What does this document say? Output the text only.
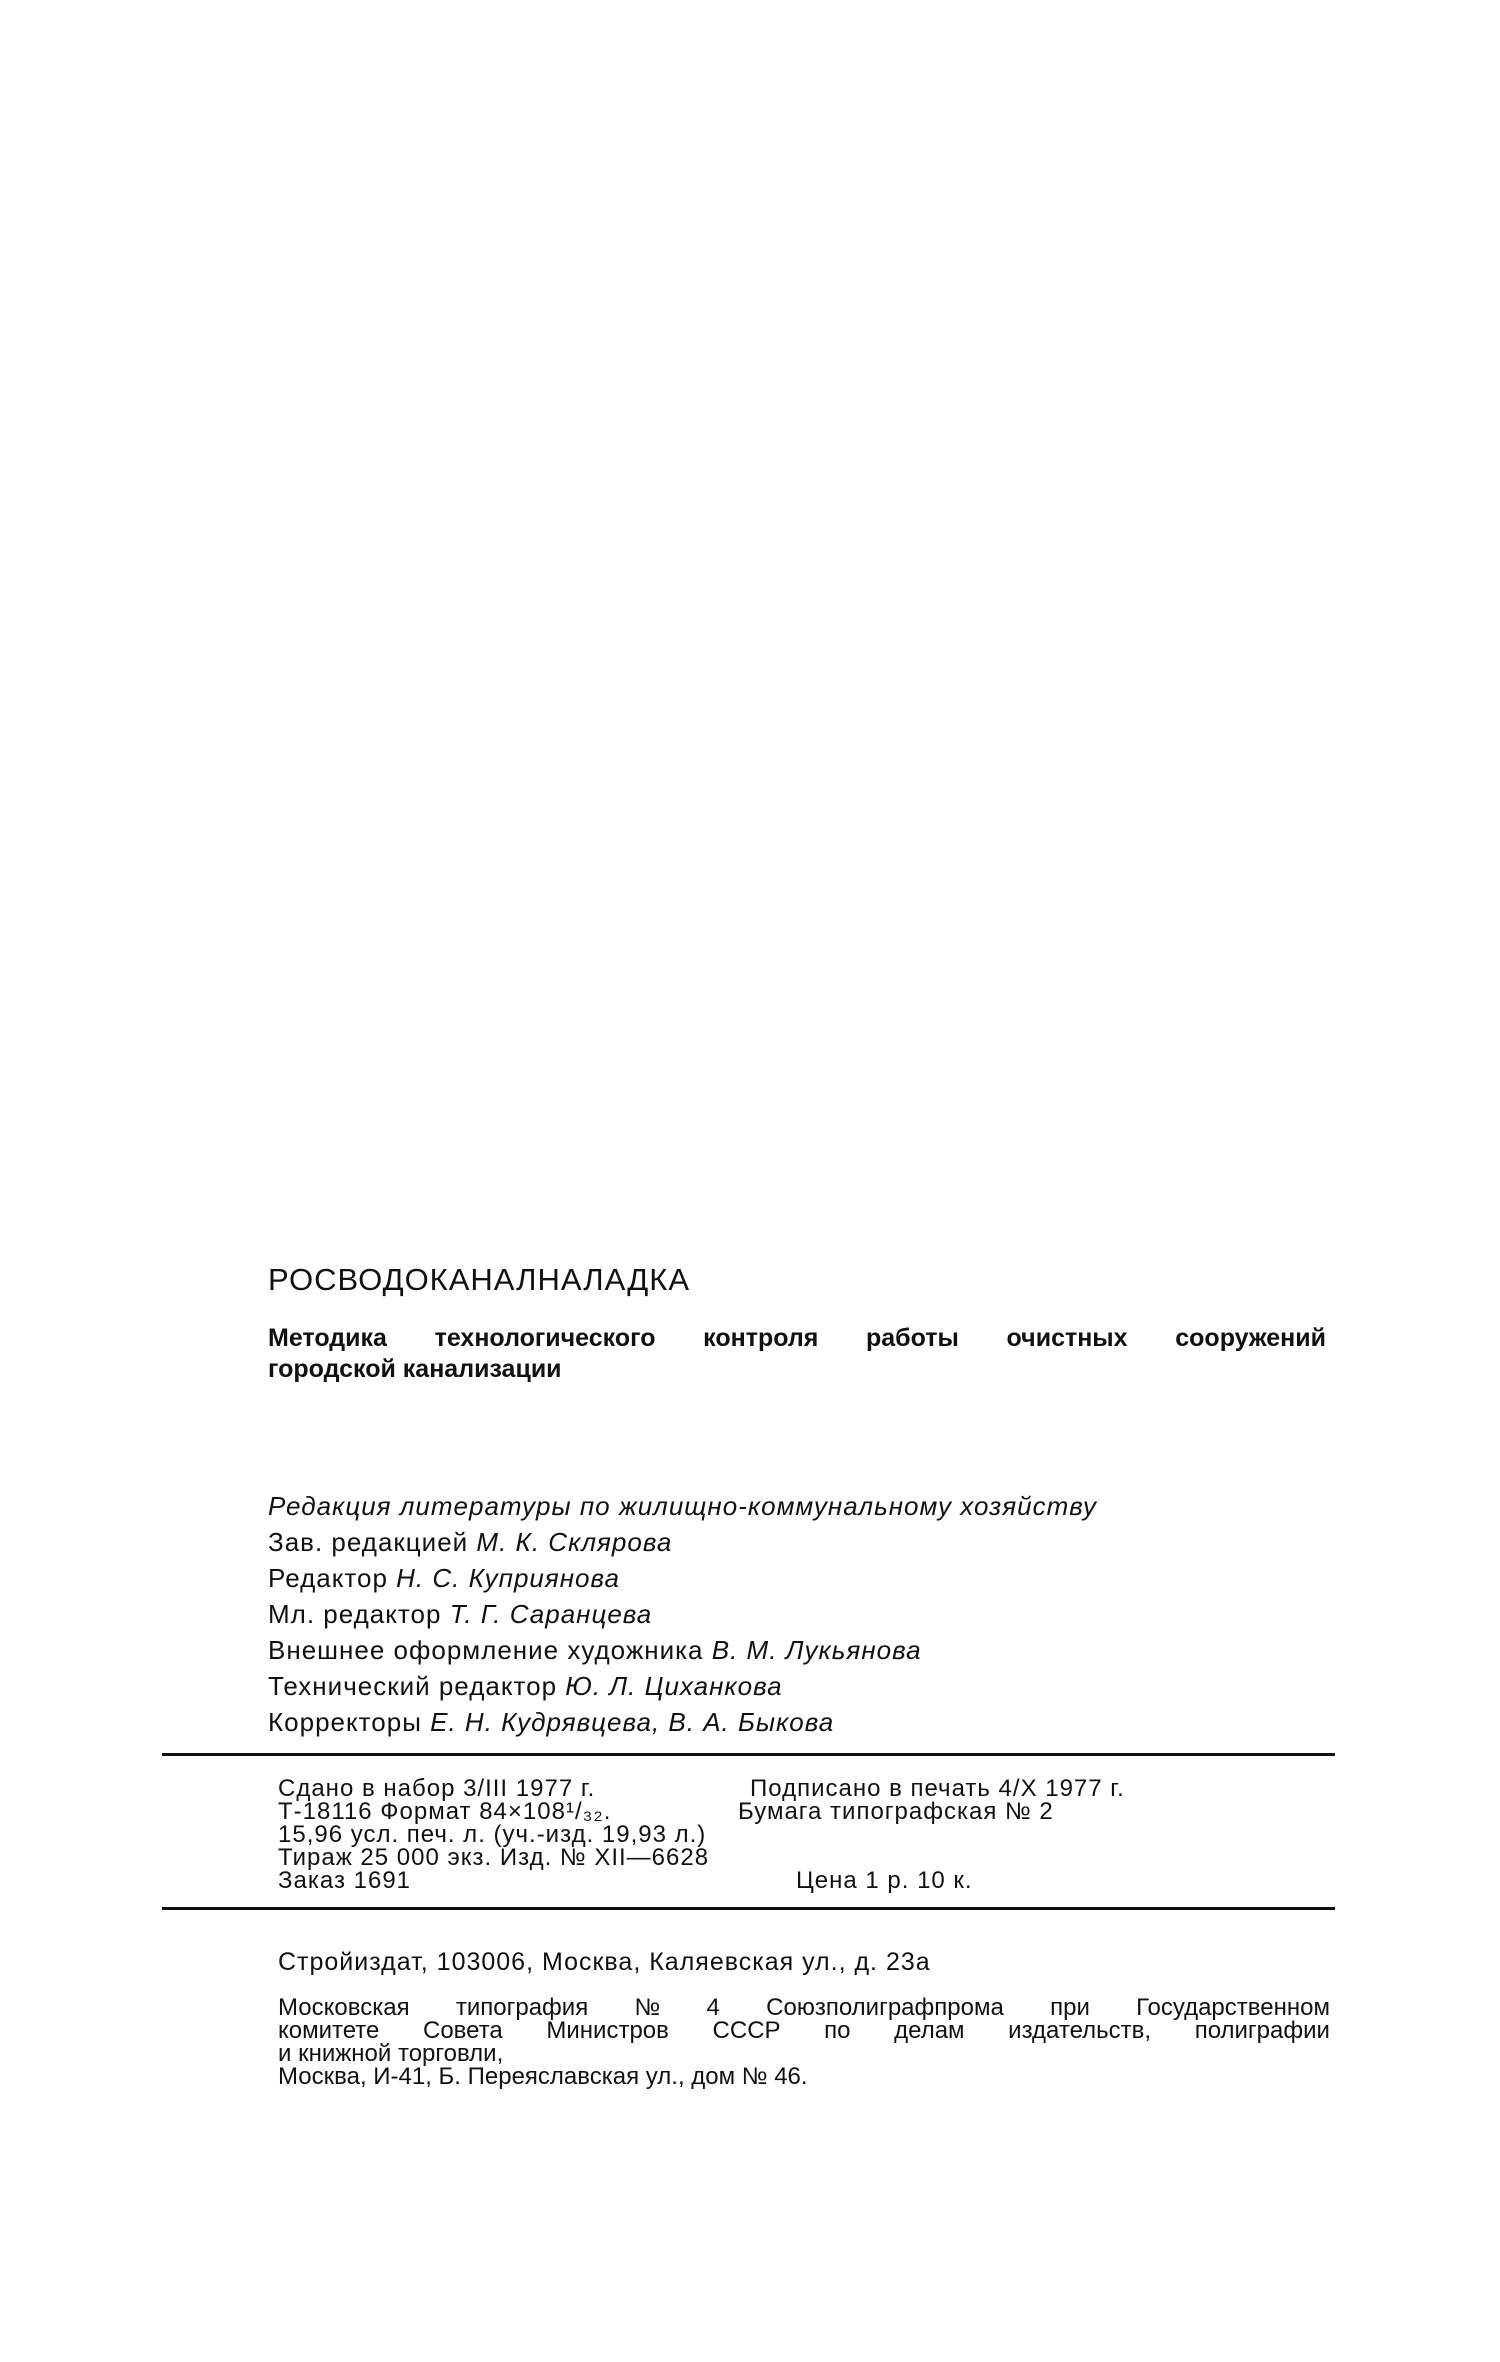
РОСВОДОКАНАЛНАЛАДКА
Методика технологического контроля работы очистных сооружений
городской канализации
Редакция литературы по жилищно-коммунальному хозяйству
Зав. редакцией М. К. Склярова
Редактор Н. С. Куприянова
Мл. редактор Т. Г. Саранцева
Внешнее оформление художника В. М. Лукьянова
Технический редактор Ю. Л. Циханкова
Корректоры Е. Н. Кудрявцева, В. А. Быкова
Сдано в набор 3/III 1977 г.	Подписано в печать 4/X 1977 г.
Т-18116 Формат 84×108¹/₃₂.	Бумага типографская № 2
15,96 усл. печ. л. (уч.-изд. 19,93 л.)
Тираж 25 000 экз. Изд. № XII—6628
Заказ 1691	Цена 1 р. 10 к.
Стройиздат, 103006, Москва, Каляевская ул., д. 23а
Московская типография № 4 Союзполиграфпрома при Государственном
комитете Совета Министров СССР по делам издательств, полиграфии
и книжной торговли,
Москва, И-41, Б. Переяславская ул., дом № 46.
